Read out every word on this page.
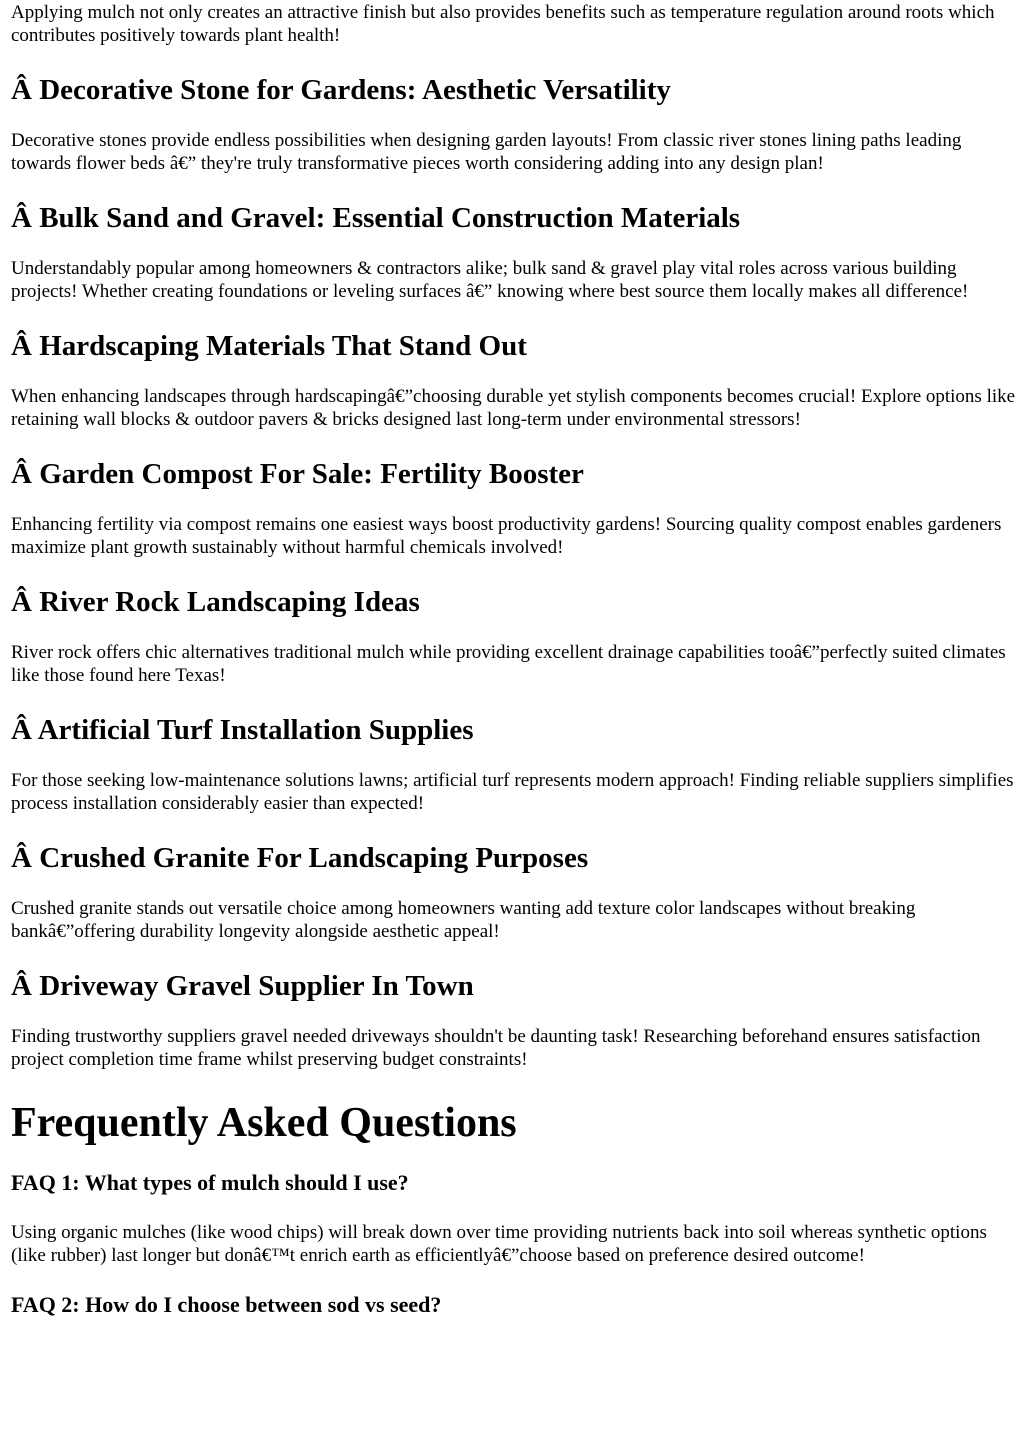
Applying mulch not only creates an attractive finish but also provides benefits such as temperature regulation around roots which contributes positively towards plant health!

Â Decorative Stone for Gardens: Aesthetic Versatility

Decorative stones provide endless possibilities when designing garden layouts! From classic river stones lining paths leading towards flower beds â€” they're truly transformative pieces worth considering adding into any design plan!

Â Bulk Sand and Gravel: Essential Construction Materials

Understandably popular among homeowners & contractors alike; bulk sand & gravel play vital roles across various building projects! Whether creating foundations or leveling surfaces â€” knowing where best source them locally makes all difference!

Â Hardscaping Materials That Stand Out

When enhancing landscapes through hardscapingâ€”choosing durable yet stylish components becomes crucial! Explore options like retaining wall blocks & outdoor pavers & bricks designed last long-term under environmental stressors!

Â Garden Compost For Sale: Fertility Booster

Enhancing fertility via compost remains one easiest ways boost productivity gardens! Sourcing quality compost enables gardeners maximize plant growth sustainably without harmful chemicals involved!

Â River Rock Landscaping Ideas

River rock offers chic alternatives traditional mulch while providing excellent drainage capabilities tooâ€”perfectly suited climates like those found here Texas!

Â Artificial Turf Installation Supplies

For those seeking low-maintenance solutions lawns; artificial turf represents modern approach! Finding reliable suppliers simplifies process installation considerably easier than expected!

Â Crushed Granite For Landscaping Purposes

Crushed granite stands out versatile choice among homeowners wanting add texture color landscapes without breaking bankâ€”offering durability longevity alongside aesthetic appeal!

Â Driveway Gravel Supplier In Town

Finding trustworthy suppliers gravel needed driveways shouldn't be daunting task! Researching beforehand ensures satisfaction project completion time frame whilst preserving budget constraints!

Frequently Asked Questions
FAQ 1: What types of mulch should I use?

Using organic mulches (like wood chips) will break down over time providing nutrients back into soil whereas synthetic options (like rubber) last longer but donâ€™t enrich earth as efficientlyâ€”choose based on preference desired outcome!

FAQ 2: How do I choose between sod vs seed?
